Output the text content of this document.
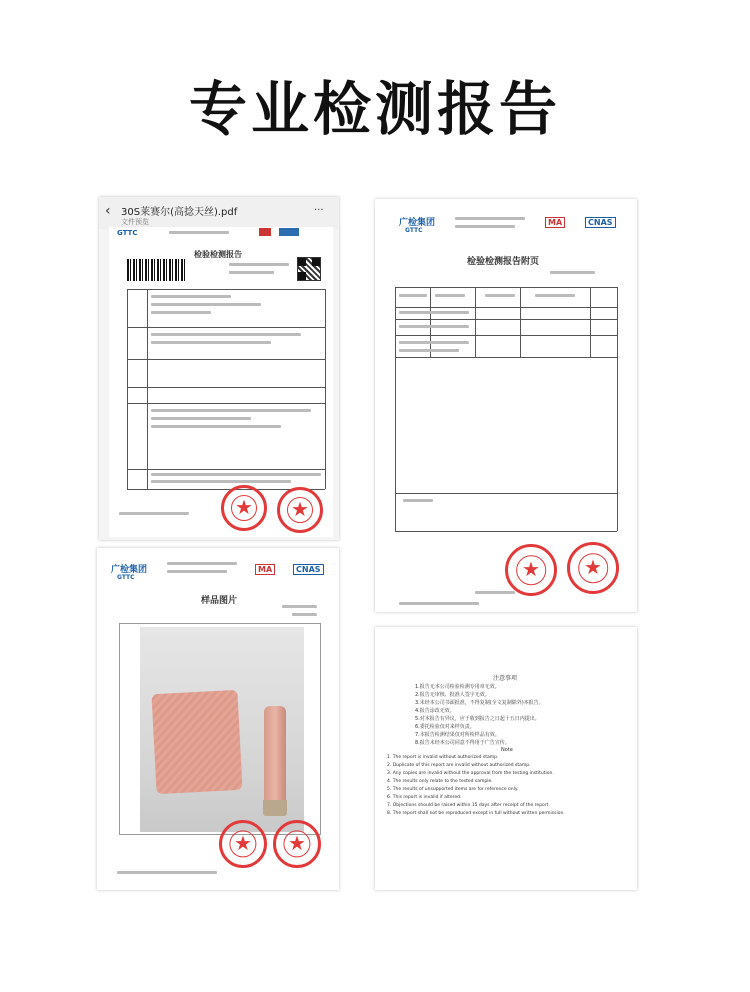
专业检测报告
‹ 30S莱赛尔(高捻天丝).pdf
文件预览
···
GTTC
检验检测报告
★ ★
广检集团
GTTC
MA	CNAS
检验检测报告附页
★ ★
广检集团
GTTC
MA	CNAS
样品图片
★ ★
注意事项
1.报告无本公司检验检测专用章无效。
2.报告无审核、批准人签字无效。
3.未经本公司书面批准，不得复制(全文复制除外)本报告。
4.报告涂改无效。
5.对本报告有异议，应于收到报告之日起十五日内提出。
6.委托检验仅对来样负责。
7.本报告检测结果仅对所检样品有效。
8.报告未经本公司同意不得用于广告宣传。
Note
1. The report is invalid without authorized stamp.
2. Duplicate of this report are invalid without authorized stamp.
3. Any copies are invalid without the approval from the testing institution.
4. The results only relate to the tested sample.
5. The results of unsupported items are for reference only.
6. This report is invalid if altered.
7. Objections should be raised within 15 days after receipt of the report.
8. The report shall not be reproduced except in full without written permission.
